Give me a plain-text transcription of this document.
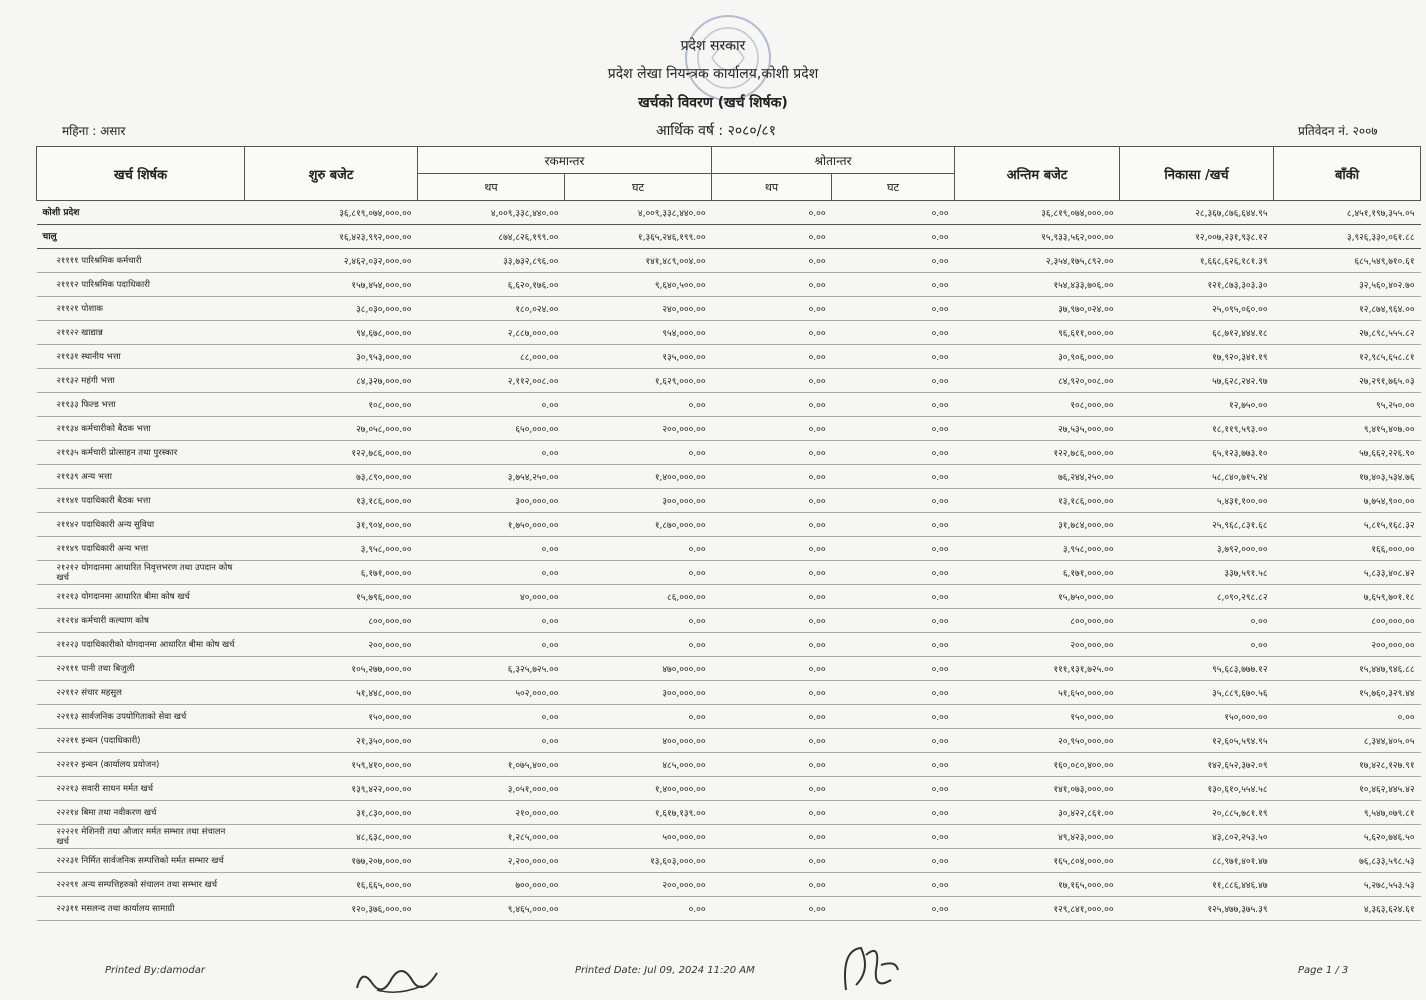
प्रदेश सरकार
प्रदेश लेखा नियन्त्रक कार्यालय,कोशी प्रदेश
खर्चको विवरण (खर्च शिर्षक)
महिना : असार	आर्थिक वर्ष : २०८०/८१	प्रतिवेदन नं. २००७
खर्च शिर्षक	शुरु बजेट	रकमान्तर		श्रोतान्तर		अन्तिम बजेट	निकासा /खर्च	बाँकी
		थप	घट	थप	घट			
कोशी प्रदेश	३६,८१९,०७४,०००.००	४,००९,३३८,४४०.००	४,००९,३३८,४४०.००	०.००	०.००	३६,८१९,०७४,०००.००	२८,३६७,८७६,६४४.९५	८,४५१,१९७,३५५.०५
चालु	१६,४२३,९९२,०००.००	८७४,८२६,१९९.००	१,३६५,२४६,१९९.००	०.००	०.००	१५,९३३,५६२,०००.००	१२,००७,२३१,९३८.१२	३,९२६,३३०,०६१.८८
२११११ पारिश्रमिक कर्मचारी	२,४६२,०३२,०००.००	३३,७३२,८९६.००	१४१,४८९,००४.००	०.००	०.००	२,३५४,१७५,८९२.००	१,६६८,६२६,१८१.३९	६८५,५४९,७१०.६१
२१११२ पारिश्रमिक पदाधिकारी	१५७,४५४,०००.००	६,६२०,१७६.००	९,६४०,५००.००	०.००	०.००	१५४,४३३,७०६.००	१२१,८७३,३०३.३०	३२,५६०,४०२.७०
२११२१ पोशाक	३८,०३०,०००.००	१८०,०२४.००	२४०,०००.००	०.००	०.००	३७,९७०,०२४.००	२५,०९५,०६०.००	१२,८७४,९६४.००
२११२२ खाद्यान्न	९४,६७८,०००.००	२,८८७,०००.००	९५४,०००.००	०.००	०.००	९६,६११,०००.००	६८,७१२,४४४.१८	२७,८९८,५५५.८२
२११३१ स्थानीय भत्ता	३०,९५३,०००.००	८८,०००.००	१३५,०००.००	०.००	०.००	३०,९०६,०००.००	१७,९२०,३४१.१९	१२,९८५,६५८.८१
२११३२ महंगी भत्ता	८४,३२७,०००.००	२,११२,००८.००	१,६२९,०००.००	०.००	०.००	८४,९२०,००८.००	५७,६२८,२४२.९७	२७,२९१,७६५.०३
२११३३ फिल्ड भत्ता	१०८,०००.००	०.००	०.००	०.००	०.००	१०८,०००.००	१२,७५०.००	९५,२५०.००
२११३४ कर्मचारीको बैठक भत्ता	२७,०५८,०००.००	६५०,०००.००	२००,०००.००	०.००	०.००	२७,५३५,०००.००	१८,११९,५९३.००	९,४१५,४०७.००
२११३५ कर्मचारी प्रोत्साहन तथा पुरस्कार	१२२,७८६,०००.००	०.००	०.००	०.००	०.००	१२२,७८६,०००.००	६५,१२३,७७३.१०	५७,६६२,२२६.९०
२११३९ अन्य भत्ता	७३,८९०,०००.००	३,७५४,२५०.००	१,४००,०००.००	०.००	०.००	७६,२४४,२५०.००	५८,८४०,७१५.२४	१७,४०३,५३४.७६
२११४१ पदाधिकारी बैठक भत्ता	१३,१८६,०००.००	३००,०००.००	३००,०००.००	०.००	०.००	१३,१८६,०००.००	५,४३१,१००.००	७,७५४,९००.००
२११४२ पदाधिकारी अन्य सुविधा	३१,९०४,०००.००	१,७५०,०००.००	१,८७०,०००.००	०.००	०.००	३१,७८४,०००.००	२५,९६८,८३१.६८	५,८१५,१६८.३२
२११४९ पदाधिकारी अन्य भत्ता	३,९५८,०००.००	०.००	०.००	०.००	०.००	३,९५८,०००.००	३,७९२,०००.००	१६६,०००.००
२१२१२ योगदानमा आधारित निवृत्तभरण तथा उपदान कोष खर्च	६,१७१,०००.००	०.००	०.००	०.००	०.००	६,१७१,०००.००	३३७,५९१.५८	५,८३३,४०८.४२
२१२१३ योगदानमा आधारित बीमा कोष खर्च	१५,७९६,०००.००	४०,०००.००	८६,०००.००	०.००	०.००	१५,७५०,०००.००	८,०९०,२९८.८२	७,६५९,७०१.१८
२१२१४ कर्मचारी कल्याण कोष	८००,०००.००	०.००	०.००	०.००	०.००	८००,०००.००	०.००	८००,०००.००
२१२२३ पदाधिकारीको योगदानमा आधारित बीमा कोष खर्च	२००,०००.००	०.००	०.००	०.००	०.००	२००,०००.००	०.००	२००,०००.००
२२१११ पानी तथा बिजुली	१०५,२७७,०००.००	६,३२५,७२५.००	४७०,०००.००	०.००	०.००	१११,१३१,७२५.००	९५,६८३,७७७.१२	१५,४४७,९४६.८८
२२११२ संचार महसुल	५१,४४८,०००.००	५०२,०००.००	३००,०००.००	०.००	०.००	५१,६५०,०००.००	३५,८८९,६७०.५६	१५,७६०,३२९.४४
२२११३ सार्वजनिक उपयोगिताको सेवा खर्च	१५०,०००.००	०.००	०.००	०.००	०.००	१५०,०००.००	१५०,०००.००	०.००
२२२११ इन्धन (पदाधिकारी)	२१,३५०,०००.००	०.००	४००,०००.००	०.००	०.००	२०,९५०,०००.००	१२,६०५,५९४.९५	८,३४४,४०५.०५
२२२१२ इन्धन (कार्यालय प्रयोजन)	१५९,४१०,०००.००	१,०७५,४००.००	४८५,०००.००	०.००	०.००	१६०,०८०,४००.००	१४२,६५२,३७२.०९	१७,४२८,१२७.९१
२२२१३ सवारी साधन मर्मत खर्च	१३९,४२२,०००.००	३,०५१,०००.००	१,४००,०००.००	०.००	०.००	१४१,०७३,०००.००	१३०,६१०,५५४.५८	१०,४६२,४४५.४२
२२२१४ बिमा तथा नवीकरण खर्च	३१,८३०,०००.००	२१०,०००.००	१,६१७,१३९.००	०.००	०.००	३०,४२२,८६१.००	२०,८८५,७८१.१९	९,५४७,०७९.८१
२२२२१ मेशिनरी तथा औजार मर्मत सम्भार तथा संचालन खर्च	४८,६३८,०००.००	१,२८५,०००.००	५००,०००.००	०.००	०.००	४९,४२३,०००.००	४३,८०२,२५३.५०	५,६२०,७४६.५०
२२२३१ निर्मित सार्वजनिक सम्पत्तिको मर्मत सम्भार खर्च	१७७,२०७,०००.००	२,२००,०००.००	१३,६०३,०००.००	०.००	०.००	१६५,८०४,०००.००	८८,९७१,४०१.४७	७६,८३३,५९८.५३
२२२९१ अन्य सम्पत्तिहरुको संचालन तथा सम्भार खर्च	१६,६६५,०००.००	७००,०००.००	२००,०००.००	०.००	०.००	१७,१६५,०००.००	११,८८६,४४६.४७	५,२७८,५५३.५३
२२३११ मसलन्द तथा कार्यालय सामाग्री	१२०,३७६,०००.००	९,४६५,०००.००	०.००	०.००	०.००	१२९,८४१,०००.००	१२५,४७७,३७५.३९	४,३६३,६२४.६१
Printed By:damodar	Printed Date: Jul 09, 2024 11:20 AM	Page 1 / 3
